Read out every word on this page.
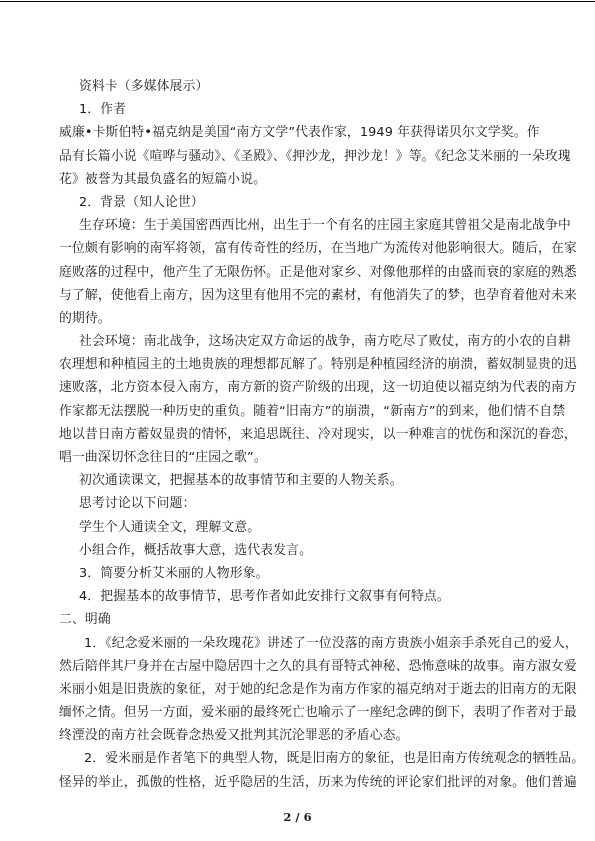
资料卡（多媒体展示）
1．作者
威廉•卡斯伯特•福克纳是美国“南方文学”代表作家，1949 年获得诺贝尔文学奖。作
品有长篇小说《喧哗与骚动》、《圣殿》、《押沙龙，押沙龙！》等。《纪念艾米丽的一朵玫瑰
花》被誉为其最负盛名的短篇小说。
2．背景（知人论世）
生存环境：生于美国密西西比州，出生于一个有名的庄园主家庭其曾祖父是南北战争中
一位颇有影响的南军将领，富有传奇性的经历，在当地广为流传对他影响很大。随后，在家
庭败落的过程中，他产生了无限伤怀。正是他对家乡、对像他那样的由盛而衰的家庭的熟悉
与了解，使他看上南方，因为这里有他用不完的素材，有他消失了的梦，也孕育着他对未来
的期待。
社会环境：南北战争，这场决定双方命运的战争，南方吃尽了败仗，南方的小农的自耕
农理想和种植园主的土地贵族的理想都瓦解了。特别是种植园经济的崩溃，蓄奴制显贵的迅
速败落，北方资本侵入南方，南方新的资产阶级的出现，这一切迫使以福克纳为代表的南方
作家都无法摆脱一种历史的重负。随着“旧南方”的崩溃，“新南方”的到来，他们情不自禁
地以昔日南方蓄奴显贵的情怀，来追思既往、冷对现实，以一种难言的忧伤和深沉的眷恋，
唱一曲深切怀念往日的“庄园之歌”。
初次通读课文，把握基本的故事情节和主要的人物关系。
思考讨论以下问题：
学生个人通读全文，理解文意。
小组合作，概括故事大意，选代表发言。
3．简要分析艾米丽的人物形象。
4．把握基本的故事情节，思考作者如此安排行文叙事有何特点。
二、明确
1．《纪念爱米丽的一朵玫瑰花》讲述了一位没落的南方贵族小姐亲手杀死自己的爱人，
然后陪伴其尸身并在古屋中隐居四十之久的具有哥特式神秘、恐怖意味的故事。南方淑女爱
米丽小姐是旧贵族的象征，对于她的纪念是作为南方作家的福克纳对于逝去的旧南方的无限
缅怀之情。但另一方面，爱米丽的最终死亡也喻示了一座纪念碑的倒下，表明了作者对于最
终湮没的南方社会既眷念热爱又批判其沉沦罪恶的矛盾心态。
2．爱米丽是作者笔下的典型人物，既是旧南方的象征，也是旧南方传统观念的牺牲品。
怪异的举止，孤傲的性格，近乎隐居的生活，历来为传统的评论家们批评的对象。他们普遍
2 / 6
